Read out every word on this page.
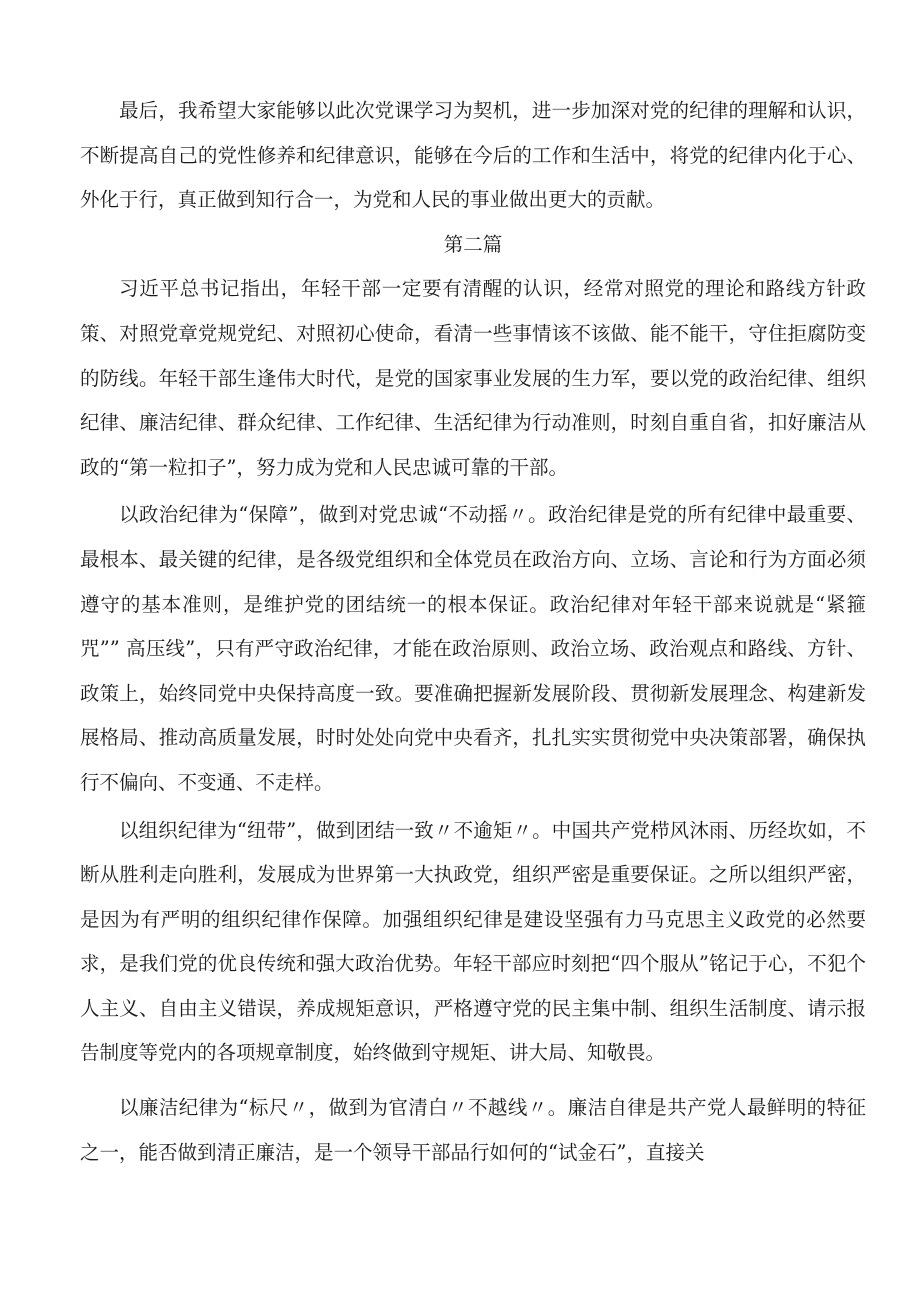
最后，我希望大家能够以此次党课学习为契机，进一步加深对党的纪律的理解和认识，不断提高自己的党性修养和纪律意识，能够在今后的工作和生活中，将党的纪律内化于心、外化于行，真正做到知行合一，为党和人民的事业做出更大的贡献。

第二篇

习近平总书记指出，年轻干部一定要有清醒的认识，经常对照党的理论和路线方针政策、对照党章党规党纪、对照初心使命，看清一些事情该不该做、能不能干，守住拒腐防变的防线。年轻干部生逢伟大时代，是党的国家事业发展的生力军，要以党的政治纪律、组织纪律、廉洁纪律、群众纪律、工作纪律、生活纪律为行动准则，时刻自重自省，扣好廉洁从政的“第一粒扣子”，努力成为党和人民忠诚可靠的干部。

以政治纪律为“保障”，做到对党忠诚“不动摇〃。政治纪律是党的所有纪律中最重要、最根本、最关键的纪律，是各级党组织和全体党员在政治方向、立场、言论和行为方面必须遵守的基本准则，是维护党的团结统一的根本保证。政治纪律对年轻干部来说就是“紧箍咒”” 高压线”，只有严守政治纪律，才能在政治原则、政治立场、政治观点和路线、方针、政策上，始终同党中央保持高度一致。要准确把握新发展阶段、贯彻新发展理念、构建新发展格局、推动高质量发展，时时处处向党中央看齐，扎扎实实贯彻党中央决策部署，确保执行不偏向、不变通、不走样。

以组织纪律为“纽带”，做到团结一致〃不逾矩〃。中国共产党栉风沐雨、历经坎如，不断从胜利走向胜利，发展成为世界第一大执政党，组织严密是重要保证。之所以组织严密，是因为有严明的组织纪律作保障。加强组织纪律是建设坚强有力马克思主义政党的必然要求，是我们党的优良传统和强大政治优势。年轻干部应时刻把“四个服从”铭记于心，不犯个人主义、自由主义错误，养成规矩意识，严格遵守党的民主集中制、组织生活制度、请示报告制度等党内的各项规章制度，始终做到守规矩、讲大局、知敬畏。

以廉洁纪律为“标尺〃，做到为官清白〃不越线〃。廉洁自律是共产党人最鲜明的特征之一，能否做到清正廉洁，是一个领导干部品行如何的“试金石”，直接关
